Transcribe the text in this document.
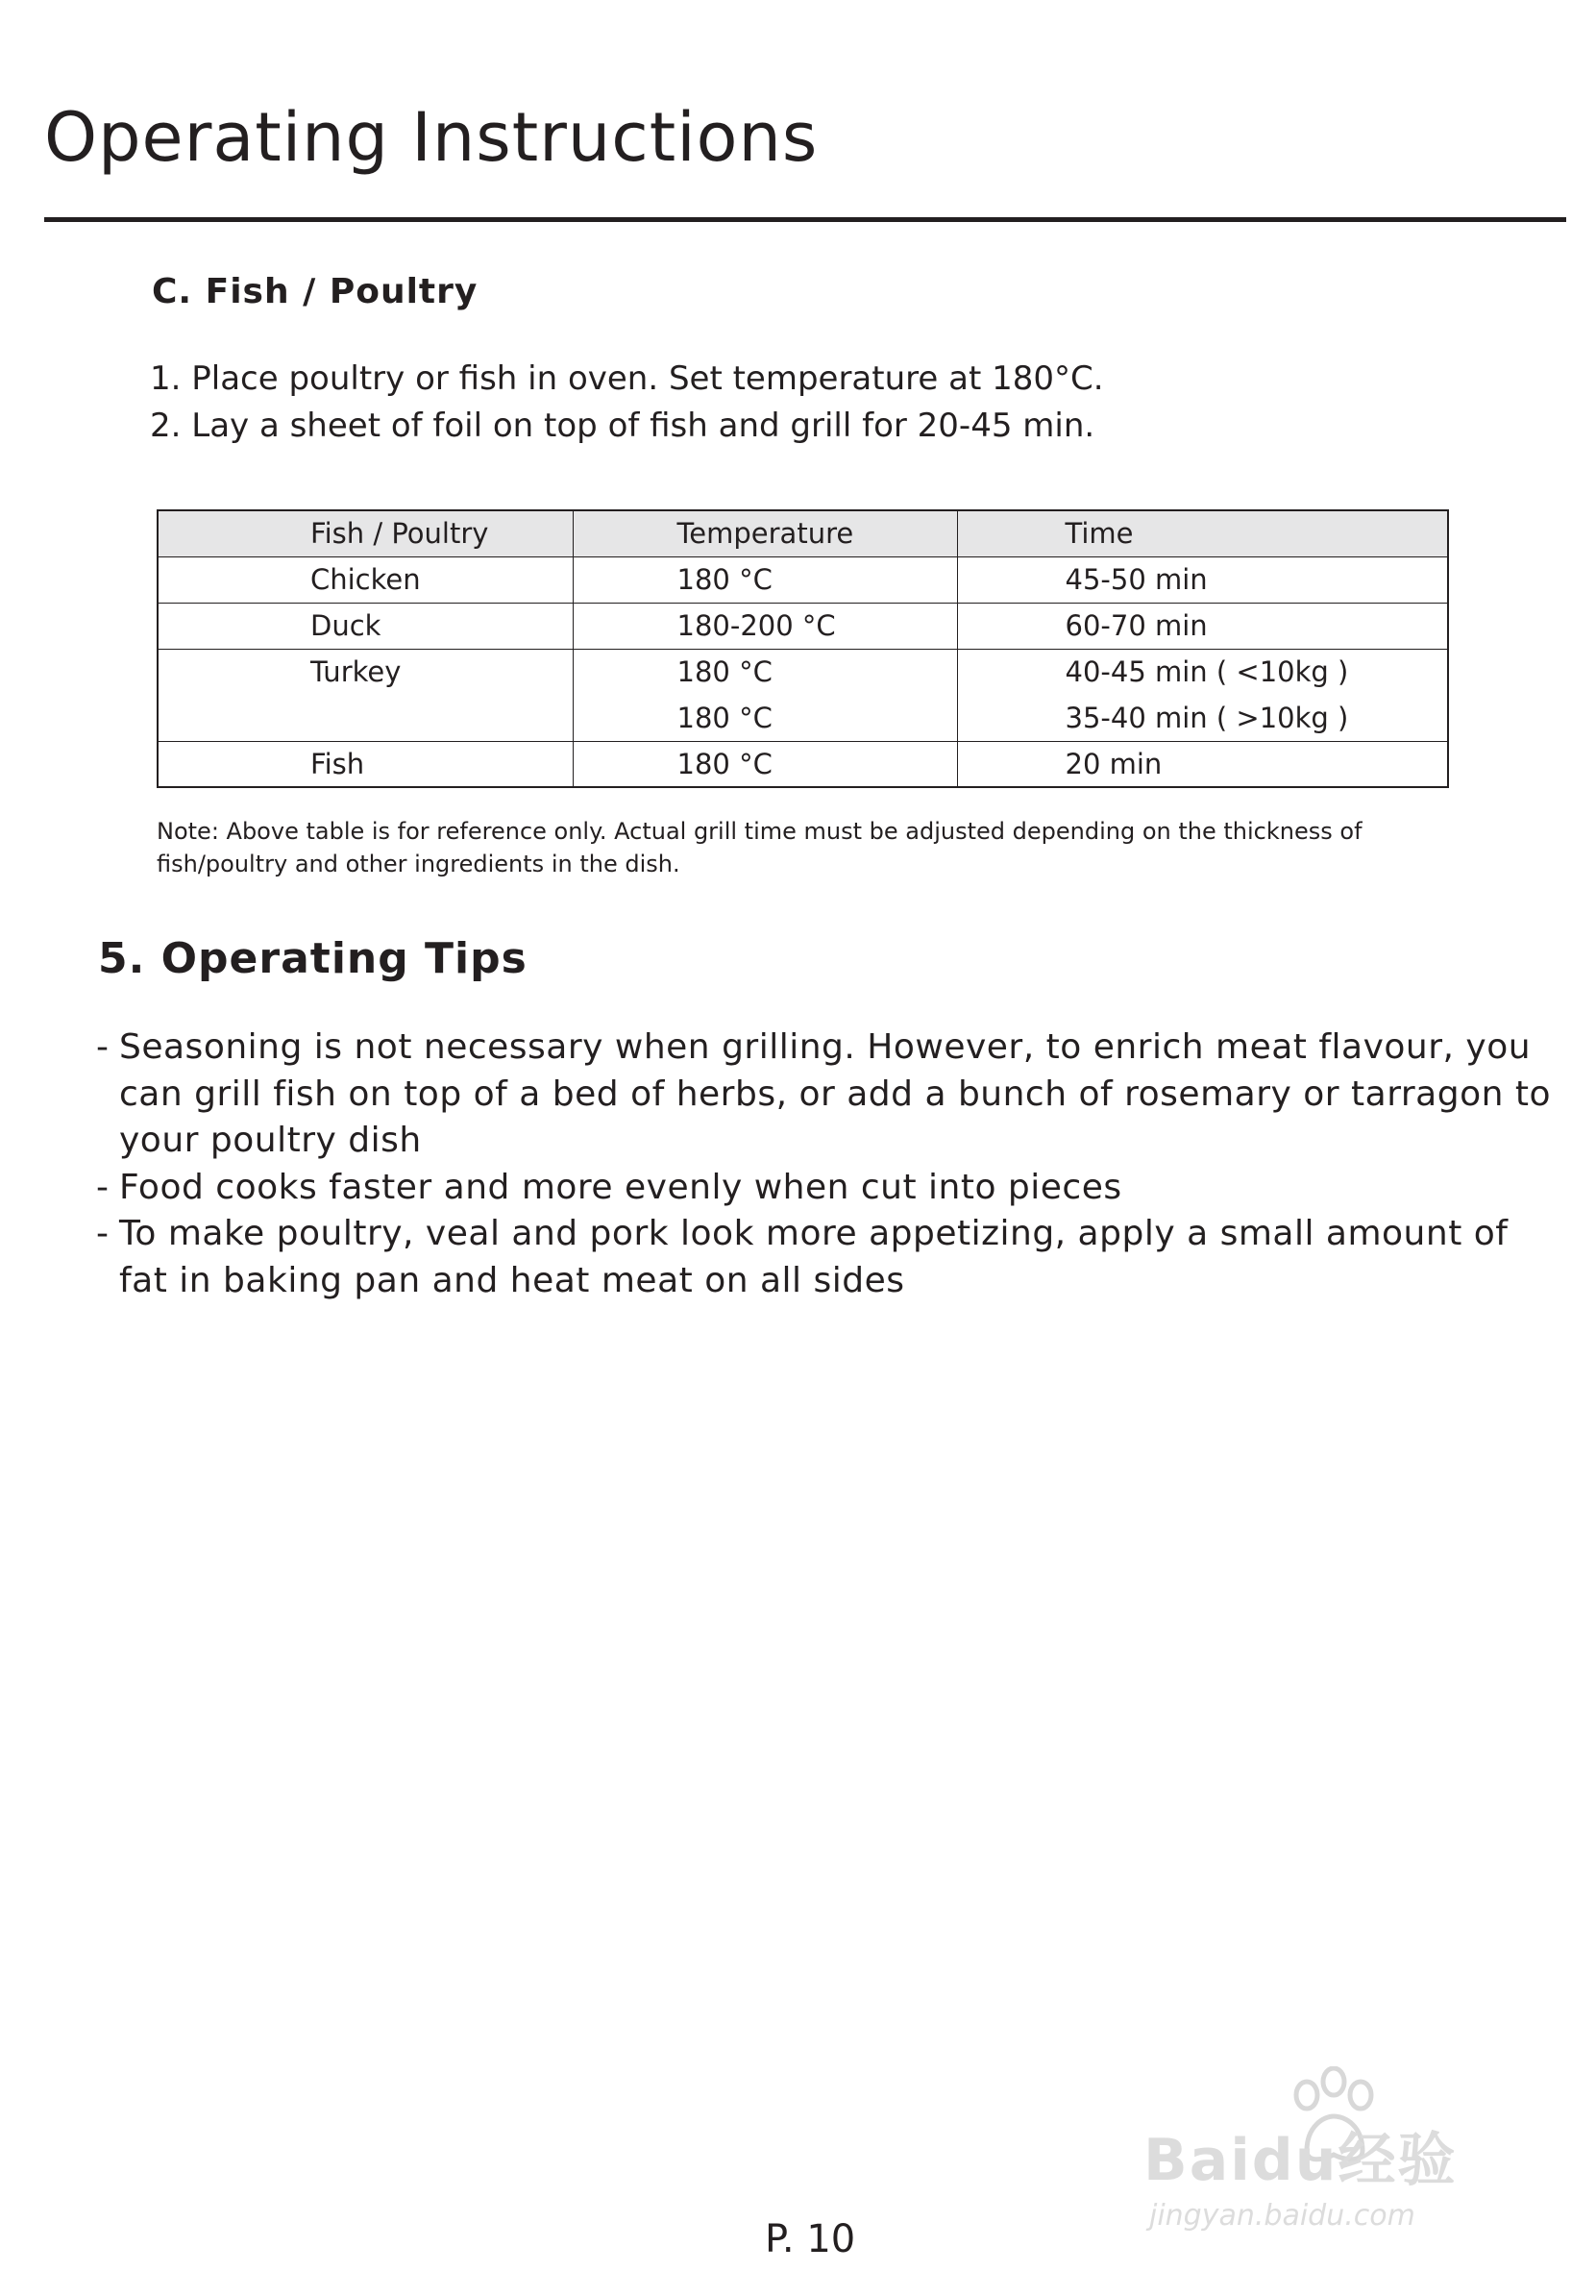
Operating Instructions
C. Fish / Poultry
1. Place poultry or fish in oven. Set temperature at 180°C.
2. Lay a sheet of foil on top of fish and grill for 20-45 min.
Fish / Poultry	Temperature	Time
Chicken	180 °C	45-50 min
Duck	180-200 °C	60-70 min
Turkey	180 °C	40-45 min ( <10kg )
	180 °C	35-40 min ( >10kg )
Fish	180 °C	20 min
Note: Above table is for reference only. Actual grill time must be adjusted depending on the thickness of fish/poultry and other ingredients in the dish.
5. Operating Tips
- Seasoning is not necessary when grilling. However, to enrich meat flavour, you can grill fish on top of a bed of herbs, or add a bunch of rosemary or tarragon to your poultry dish
- Food cooks faster and more evenly when cut into pieces
- To make poultry, veal and pork look more appetizing, apply a small amount of fat in baking pan and heat meat on all sides
P. 10
Baidu经验
jingyan.baidu.com
